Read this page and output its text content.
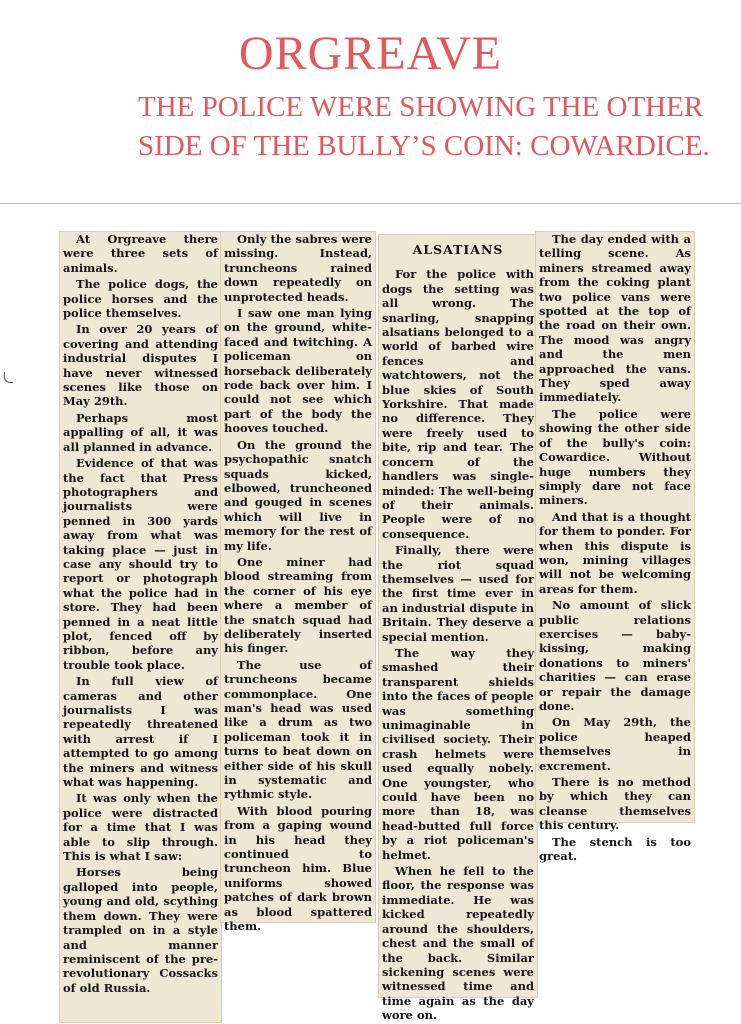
ORGREAVE
THE POLICE WERE SHOWING THE OTHER SIDE OF THE BULLY’S COIN: COWARDICE.

At Orgreave there were three sets of animals.

The police dogs, the police horses and the police themselves.

In over 20 years of covering and attending industrial disputes I have never witnessed scenes like those on May 29th.

Perhaps most appalling of all, it was all planned in advance.

Evidence of that was the fact that Press photographers and journalists were penned in 300 yards away from what was taking place — just in case any should try to report or photograph what the police had in store. They had been penned in a neat little plot, fenced off by ribbon, before any trouble took place.

In full view of cameras and other journalists I was repeatedly threatened with arrest if I attempted to go among the miners and witness what was happening.

It was only when the police were distracted for a time that I was able to slip through. This is what I saw:

Horses being galloped into people, young and old, scything them down. They were trampled on in a style and manner reminiscent of the pre-revolutionary Cossacks of old Russia.

Only the sabres were missing. Instead, truncheons rained down repeatedly on unprotected heads.

I saw one man lying on the ground, white-faced and twitching. A policeman on horseback deliberately rode back over him. I could not see which part of the body the hooves touched.

On the ground the psychopathic snatch squads kicked, elbowed, truncheoned and gouged in scenes which will live in memory for the rest of my life.

One miner had blood streaming from the corner of his eye where a member of the snatch squad had deliberately inserted his finger.

The use of truncheons became commonplace. One man's head was used like a drum as two policeman took it in turns to beat down on either side of his skull in systematic and rythmic style.

With blood pouring from a gaping wound in his head they continued to truncheon him. Blue uniforms showed patches of dark brown as blood spattered them.

ALSATIANS

For the police with dogs the setting was all wrong. The snarling, snapping alsatians belonged to a world of barbed wire fences and watchtowers, not the blue skies of South Yorkshire. That made no difference. They were freely used to bite, rip and tear. The concern of the handlers was single-minded: The well-being of their animals. People were of no consequence.

Finally, there were the riot squad themselves — used for the first time ever in an industrial dispute in Britain. They deserve a special mention.

The way they smashed their transparent shields into the faces of people was something unimaginable in civilised society. Their crash helmets were used equally nobely. One youngster, who could have been no more than 18, was head-butted full force by a riot policeman's helmet.

When he fell to the floor, the response was immediate. He was kicked repeatedly around the shoulders, chest and the small of the back. Similar sickening scenes were witnessed time and time again as the day wore on.

The day ended with a telling scene. As miners streamed away from the coking plant two police vans were spotted at the top of the road on their own. The mood was angry and the men approached the vans. They sped away immediately.

The police were showing the other side of the bully's coin: Cowardice. Without huge numbers they simply dare not face miners.

And that is a thought for them to ponder. For when this dispute is won, mining villages will not be welcoming areas for them.

No amount of slick public relations exercises — baby-kissing, making donations to miners' charities — can erase or repair the damage done.

On May 29th, the police heaped themselves in excrement.

There is no method by which they can cleanse themselves this century.

The stench is too great.
